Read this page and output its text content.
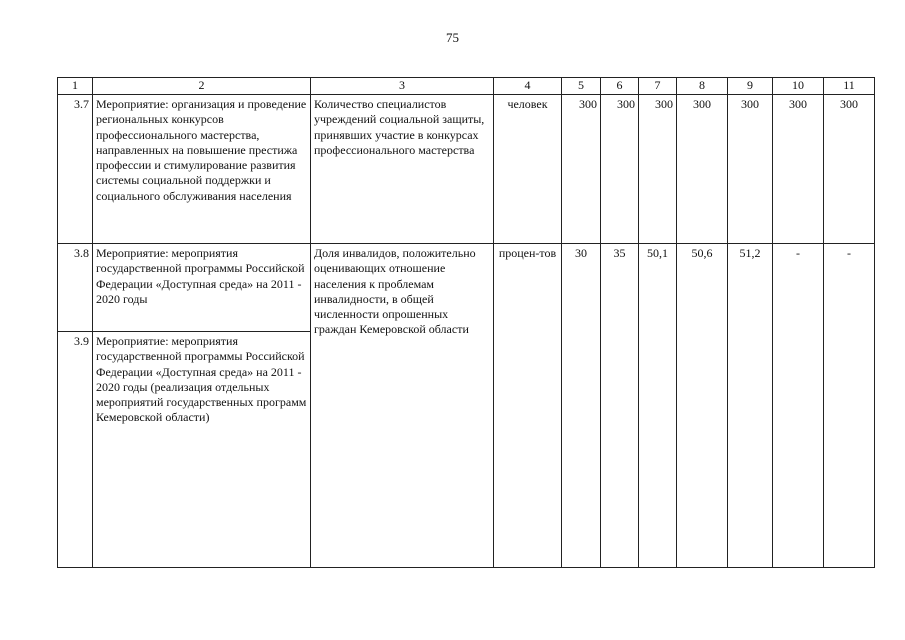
75
1	2	3	4	5	6	7	8	9	10	11
3.7	Мероприятие: организация и проведение региональных конкурсов профессионального мастерства, направленных на повышение престижа профессии и стимулирование развития системы социальной поддержки и социального обслуживания населения	Количество специалистов учреждений социальной защиты, принявших участие в конкурсах профессионального мастерства	человек	300	300	300	300	300	300	300
3.8	Мероприятие: мероприятия государственной программы Российской Федерации «Доступная среда» на 2011 - 2020 годы	Доля инвалидов, положительно оценивающих отношение населения к проблемам инвалидности, в общей численности опрошенных граждан Кемеровской области	процен-тов	30	35	50,1	50,6	51,2	-	-
3.9	Мероприятие: мероприятия государственной программы Российской Федерации «Доступная среда» на 2011 - 2020 годы (реализация отдельных мероприятий государственных программ Кемеровской области)									
